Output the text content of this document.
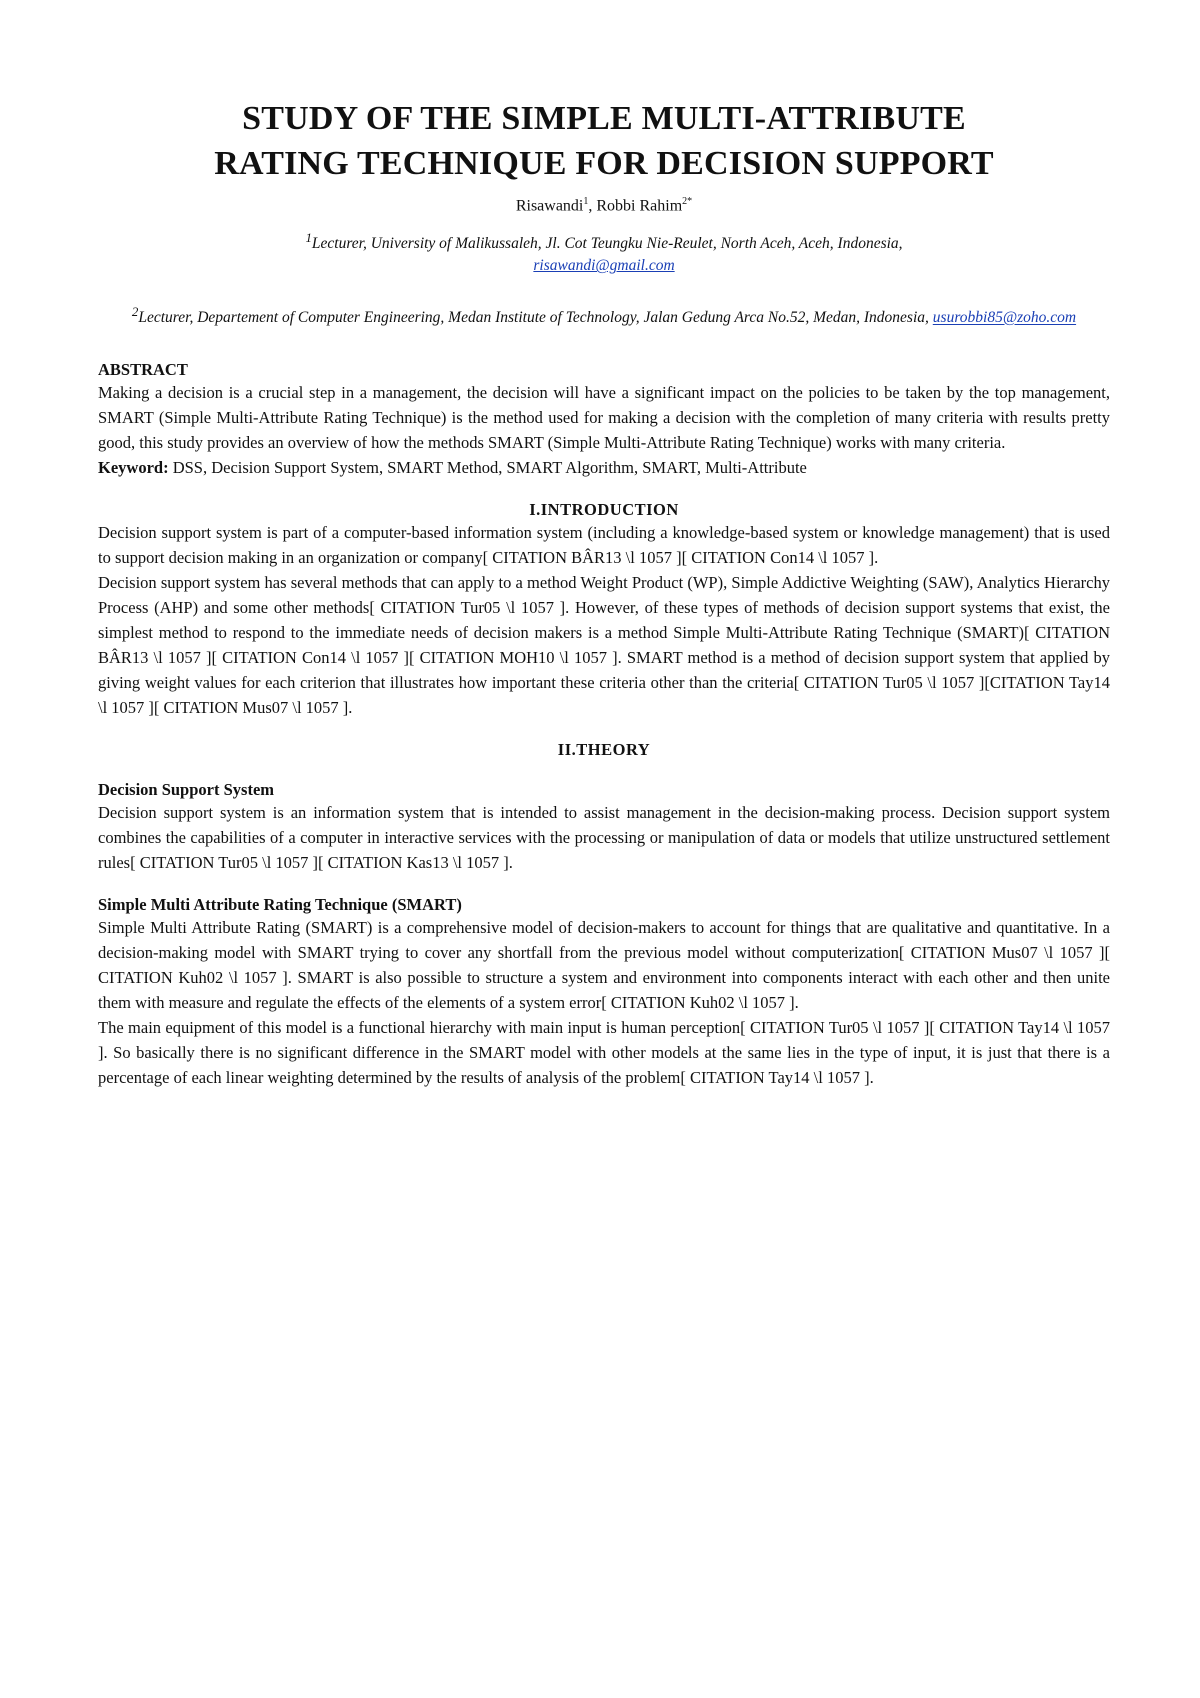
STUDY OF THE SIMPLE MULTI-ATTRIBUTE
RATING TECHNIQUE FOR DECISION SUPPORT
Risawandi$^1$, Robbi Rahim$^{2*}$
$^1$Lecturer, University of Malikussaleh, Jl. Cot Teungku Nie-Reulet, North Aceh, Aceh, Indonesia,
risawandi@gmail.com
$^2$Lecturer, Departement of Computer Engineering, Medan Institute of Technology, Jalan Gedung Arca No.52, Medan, Indonesia, usurobbi85@zoho.com
ABSTRACT

Making a decision is a crucial step in a management, the decision will have a significant impact on the policies to be taken by the top management, SMART (Simple Multi-Attribute Rating Technique) is the method used for making a decision with the completion of many criteria with results pretty good, this study provides an overview of how the methods SMART (Simple Multi-Attribute Rating Technique) works with many criteria.

Keyword: DSS, Decision Support System, SMART Method, SMART Algorithm, SMART, Multi-Attribute
I.INTRODUCTION

Decision support system is part of a computer-based information system (including a knowledge-based system or knowledge management) that is used to support decision making in an organization or company[ CITATION BÂR13 \l 1057 ][ CITATION Con14 \l 1057 ].

Decision support system has several methods that can apply to a method Weight Product (WP), Simple Addictive Weighting (SAW), Analytics Hierarchy Process (AHP) and some other methods[ CITATION Tur05 \l 1057 ]. However, of these types of methods of decision support systems that exist, the simplest method to respond to the immediate needs of decision makers is a method Simple Multi-Attribute Rating Technique (SMART)[ CITATION BÂR13 \l 1057 ][ CITATION Con14 \l 1057 ][ CITATION MOH10 \l 1057 ]. SMART method is a method of decision support system that applied by giving weight values for each criterion that illustrates how important these criteria other than the criteria[ CITATION Tur05 \l 1057 ][CITATION Tay14 \l 1057 ][ CITATION Mus07 \l 1057 ].

II.THEORY
Decision Support System

Decision support system is an information system that is intended to assist management in the decision-making process. Decision support system combines the capabilities of a computer in interactive services with the processing or manipulation of data or models that utilize unstructured settlement rules[ CITATION Tur05 \l 1057 ][ CITATION Kas13 \l 1057 ].

Simple Multi Attribute Rating Technique (SMART)

Simple Multi Attribute Rating (SMART) is a comprehensive model of decision-makers to account for things that are qualitative and quantitative. In a decision-making model with SMART trying to cover any shortfall from the previous model without computerization[ CITATION Mus07 \l 1057 ][ CITATION Kuh02 \l 1057 ]. SMART is also possible to structure a system and environment into components interact with each other and then unite them with measure and regulate the effects of the elements of a system error[ CITATION Kuh02 \l 1057 ].

The main equipment of this model is a functional hierarchy with main input is human perception[ CITATION Tur05 \l 1057 ][ CITATION Tay14 \l 1057 ]. So basically there is no significant difference in the SMART model with other models at the same lies in the type of input, it is just that there is a percentage of each linear weighting determined by the results of analysis of the problem[ CITATION Tay14 \l 1057 ].
